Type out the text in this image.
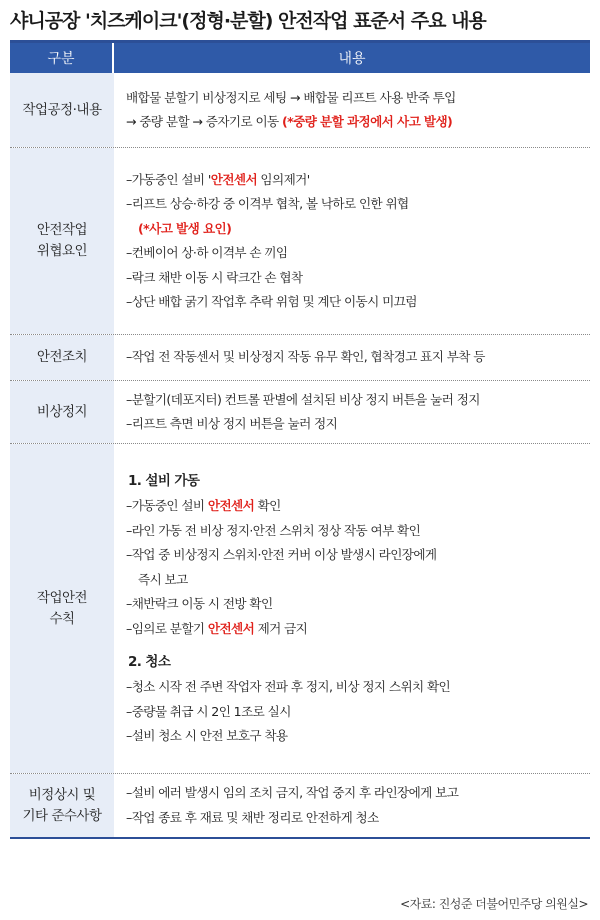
샤니공장 '치즈케이크'(정형·분할) 안전작업 표준서 주요 내용
구분	내용
작업공정·내용
배합물 분할기 비상정지로 세팅 → 배합물 리프트 사용 반죽 투입
→ 중량 분할 → 증자기로 이동 (*중량 분할 과정에서 사고 발생)
안전작업
위협요인
–가동중인 설비 '안전센서 임의제거'
–리프트 상승·하강 중 이격부 협착, 볼 낙하로 인한 위협
(*사고 발생 요인)
–컨베이어 상·하 이격부 손 끼임
–락크 채반 이동 시 락크간 손 협착
–상단 배합 굵기 작업후 추락 위험 및 계단 이동시 미끄럼
안전조치	–작업 전 작동센서 및 비상정지 작동 유무 확인, 협착경고 표지 부착 등
비상정지
–분할기(데포지터) 컨트롤 판별에 설치된 비상 정지 버튼을 눌러 정지
–리프트 측면 비상 정지 버튼을 눌러 정지
작업안전
수칙
1. 설비 가동
–가동중인 설비 안전센서 확인
–라인 가동 전 비상 정지·안전 스위치 정상 작동 여부 확인
–작업 중 비상정지 스위치·안전 커버 이상 발생시 라인장에게
즉시 보고
–채반락크 이동 시 전방 확인
–임의로 분할기 안전센서 제거 금지
2. 청소
–청소 시작 전 주변 작업자 전파 후 정지, 비상 정지 스위치 확인
–중량물 취급 시 2인 1조로 실시
–설비 청소 시 안전 보호구 착용
비정상시 및
기타 준수사항
–설비 에러 발생시 임의 조치 금지, 작업 중지 후 라인장에게 보고
–작업 종료 후 재료 및 채반 정리로 안전하게 청소
<자료: 진성준 더불어민주당 의원실>
